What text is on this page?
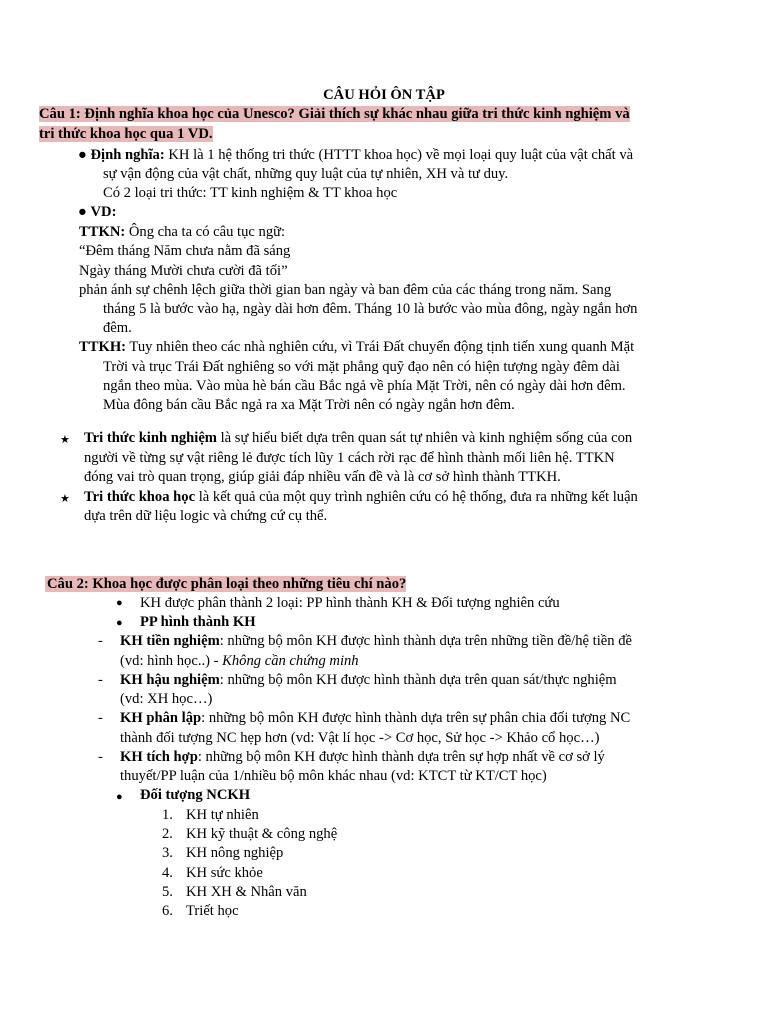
CÂU HỎI ÔN TẬP
Câu 1: Định nghĩa khoa học của Unesco? Giải thích sự khác nhau giữa tri thức kinh nghiệm và
tri thức khoa học qua 1 VD.
● Định nghĩa: KH là 1 hệ thống tri thức (HTTT khoa học) về mọi loại quy luật của vật chất và
sự vận động của vật chất, những quy luật của tự nhiên, XH và tư duy.
Có 2 loại tri thức: TT kinh nghiệm & TT khoa học
● VD:
TTKN: Ông cha ta có câu tục ngữ:
“Đêm tháng Năm chưa nằm đã sáng
Ngày tháng Mười chưa cười đã tối”
phản ánh sự chênh lệch giữa thời gian ban ngày và ban đêm của các tháng trong năm. Sang
tháng 5 là bước vào hạ, ngày dài hơn đêm. Tháng 10 là bước vào mùa đông, ngày ngắn hơn
đêm.
TTKH: Tuy nhiên theo các nhà nghiên cứu, vì Trái Đất chuyển động tịnh tiến xung quanh Mặt
Trời và trục Trái Đất nghiêng so với mặt phẳng quỹ đạo nên có hiện tượng ngày đêm dài
ngắn theo mùa. Vào mùa hè bán cầu Bắc ngả về phía Mặt Trời, nên có ngày dài hơn đêm.
Mùa đông bán cầu Bắc ngả ra xa Mặt Trời nên có ngày ngắn hơn đêm.
★ Tri thức kinh nghiệm là sự hiểu biết dựa trên quan sát tự nhiên và kinh nghiệm sống của con
người về từng sự vật riêng lẻ được tích lũy 1 cách rời rạc để hình thành mối liên hệ. TTKN
đóng vai trò quan trọng, giúp giải đáp nhiều vấn đề và là cơ sở hình thành TTKH.
★ Tri thức khoa học là kết quả của một quy trình nghiên cứu có hệ thống, đưa ra những kết luận
dựa trên dữ liệu logic và chứng cứ cụ thể.
Câu 2: Khoa học được phân loại theo những tiêu chí nào?
● KH được phân thành 2 loại: PP hình thành KH & Đối tượng nghiên cứu
● PP hình thành KH
- KH tiền nghiệm: những bộ môn KH được hình thành dựa trên những tiền đề/hệ tiền đề
(vd: hình học..) - Không cần chứng minh
- KH hậu nghiệm: những bộ môn KH được hình thành dựa trên quan sát/thực nghiệm
(vd: XH học…)
- KH phân lập: những bộ môn KH được hình thành dựa trên sự phân chia đối tượng NC
thành đối tượng NC hẹp hơn (vd: Vật lí học -> Cơ học, Sử học -> Khảo cổ học…)
- KH tích hợp: những bộ môn KH được hình thành dựa trên sự hợp nhất về cơ sở lý
thuyết/PP luận của 1/nhiều bộ môn khác nhau (vd: KTCT từ KT/CT học)
● Đối tượng NCKH
1. KH tự nhiên
2. KH kỹ thuật & công nghệ
3. KH nông nghiệp
4. KH sức khỏe
5. KH XH & Nhân văn
6. Triết học
